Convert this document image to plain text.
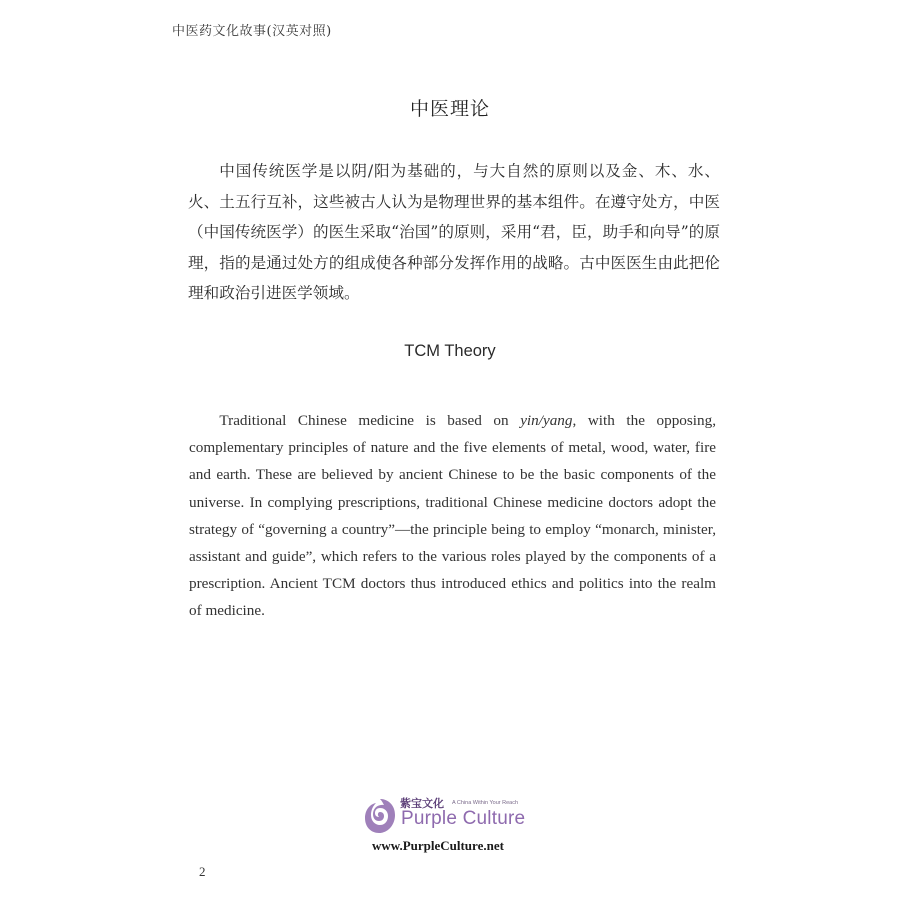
中医药文化故事(汉英对照)
中医理论
中国传统医学是以阴/阳为基础的，与大自然的原则以及金、木、水、火、土五行互补，这些被古人认为是物理世界的基本组件。在遵守处方，中医（中国传统医学）的医生采取“治国”的原则，采用“君，臣，助手和向导”的原理，指的是通过处方的组成使各种部分发挥作用的战略。古中医医生由此把伦理和政治引进医学领域。
TCM Theory
Traditional Chinese medicine is based on yin/yang, with the opposing, complementary principles of nature and the five elements of metal, wood, water, fire and earth. These are believed by ancient Chinese to be the basic components of the universe. In complying prescriptions, traditional Chinese medicine doctors adopt the strategy of “governing a country”—the principle being to employ “monarch, minister, assistant and guide”, which refers to the various roles played by the components of a prescription. Ancient TCM doctors thus introduced ethics and politics into the realm of medicine.
紫宝文化 A China Within Your Reach
Purple Culture
www.PurpleCulture.net
2
